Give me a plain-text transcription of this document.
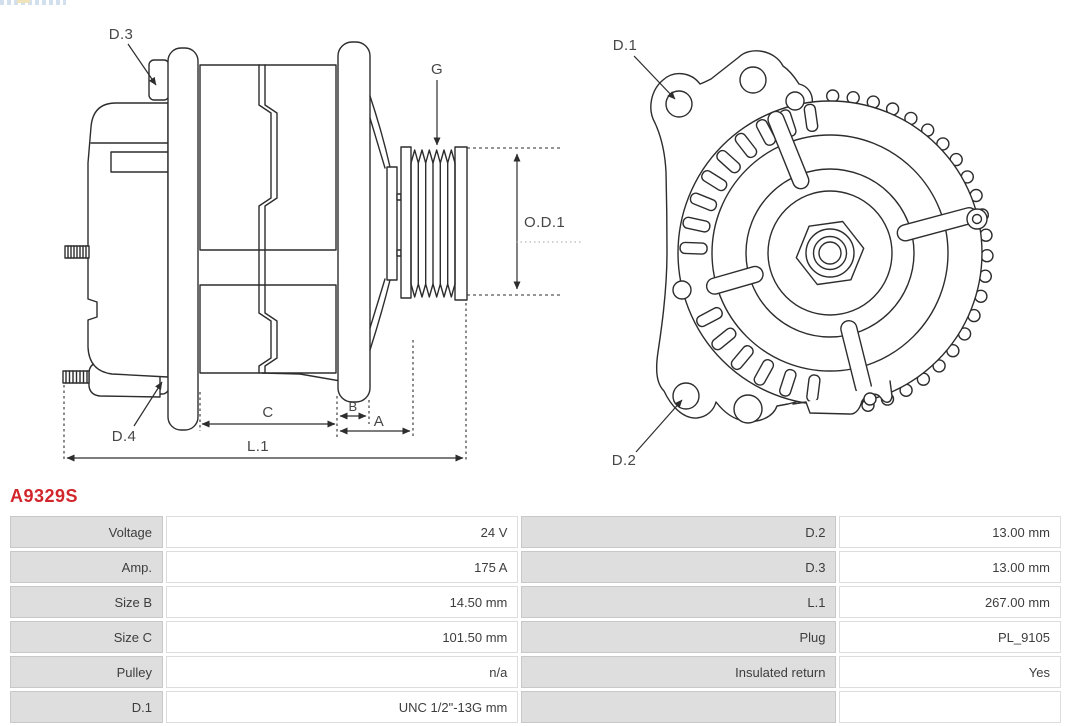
D.3
D.4
G
O.D.1
C	B
A
L.1
D.1
D.2
A9329S
Voltage	24 V	D.2	13.00 mm
Amp.	175 A	D.3	13.00 mm
Size B	14.50 mm	L.1	267.00 mm
Size C	101.50 mm	Plug	PL_9105
Pulley	n/a	Insulated return	Yes
D.1	UNC 1/2"-13G mm		
